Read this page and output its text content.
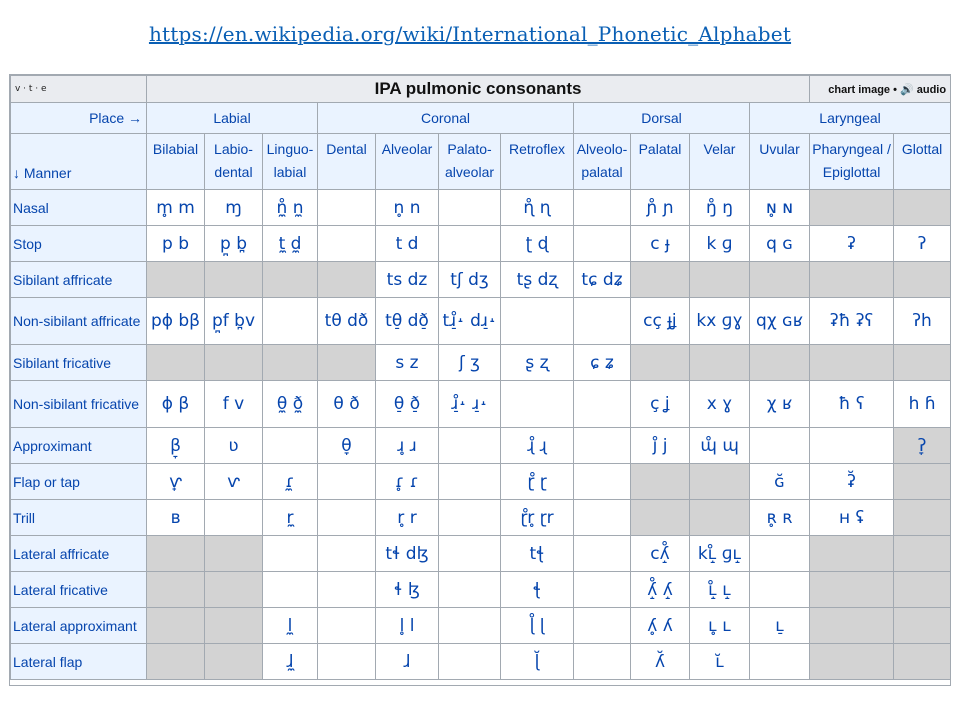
https://en.wikipedia.org/wiki/International_Phonetic_Alphabet
v · t · e	IPA pulmonic consonants											chart image • 🔊 audio	
Place →	Labial			Coronal				Dorsal			Laryngeal		
↓ Manner	Bilabial	Labio-dental	Linguo-labial	Dental	Alveolar	Palato-alveolar	Retroflex	Alveolo-palatal	Palatal	Velar	Uvular	Pharyngeal / Epiglottal	Glottal
Nasal	m̥ m	ɱ	n̼̊ n̼		n̥ n		ɳ̊ ɳ		ɲ̊ ɲ	ŋ̊ ŋ	ɴ̥ ɴ		
Stop	p b	p̪ b̪	t̼ d̼		t d		ʈ ɖ		c ɟ	k ɡ	q ɢ	ʡ	ʔ
Sibilant affricate					ts dz	tʃ dʒ	tʂ dʐ	tɕ dʑ					
Non-sibilant affricate	pɸ bβ	p̪f b̪v		tθ dð	tθ̠ dð̠	tɹ̠̊˔ dɹ̠˔			cç ɟʝ	kx ɡɣ	qχ ɢʁ	ʡħ ʡʕ	ʔh
Sibilant fricative					s z	ʃ ʒ	ʂ ʐ	ɕ ʑ					
Non-sibilant fricative	ɸ β	f v	θ̼ ð̼	θ ð	θ̠ ð̠	ɹ̠̊˔ ɹ̠˔			ç ʝ	x ɣ	χ ʁ	ħ ʕ	h ɦ
Approximant	β̞	ʋ		θ̞	ɹ̥ ɹ		ɻ̊ ɻ		j̊ j	ɰ̊ ɰ			ʔ̞
Flap or tap	ⱱ̟	ⱱ	ɾ̼		ɾ̥ ɾ		ɽ̊ ɽ				ɢ̆	ʡ̆	
Trill	ʙ		r̼		r̥ r		ɽ̊r̥ ɽr				ʀ̥ ʀ	ʜ ʢ	
Lateral affricate					tɬ dɮ		tꞎ		cʎ̝̊	kʟ̝̊ ɡʟ̝			
Lateral fricative					ɬ ɮ		ꞎ		ʎ̝̊ ʎ̝	ʟ̝̊ ʟ̝			
Lateral approximant			l̼		l̥ l		ɭ̊ ɭ		ʎ̥ ʎ	ʟ̥ ʟ	ʟ̠		
Lateral flap			ɺ̼		ɺ		ɭ̆		ʎ̆	ʟ̆			
